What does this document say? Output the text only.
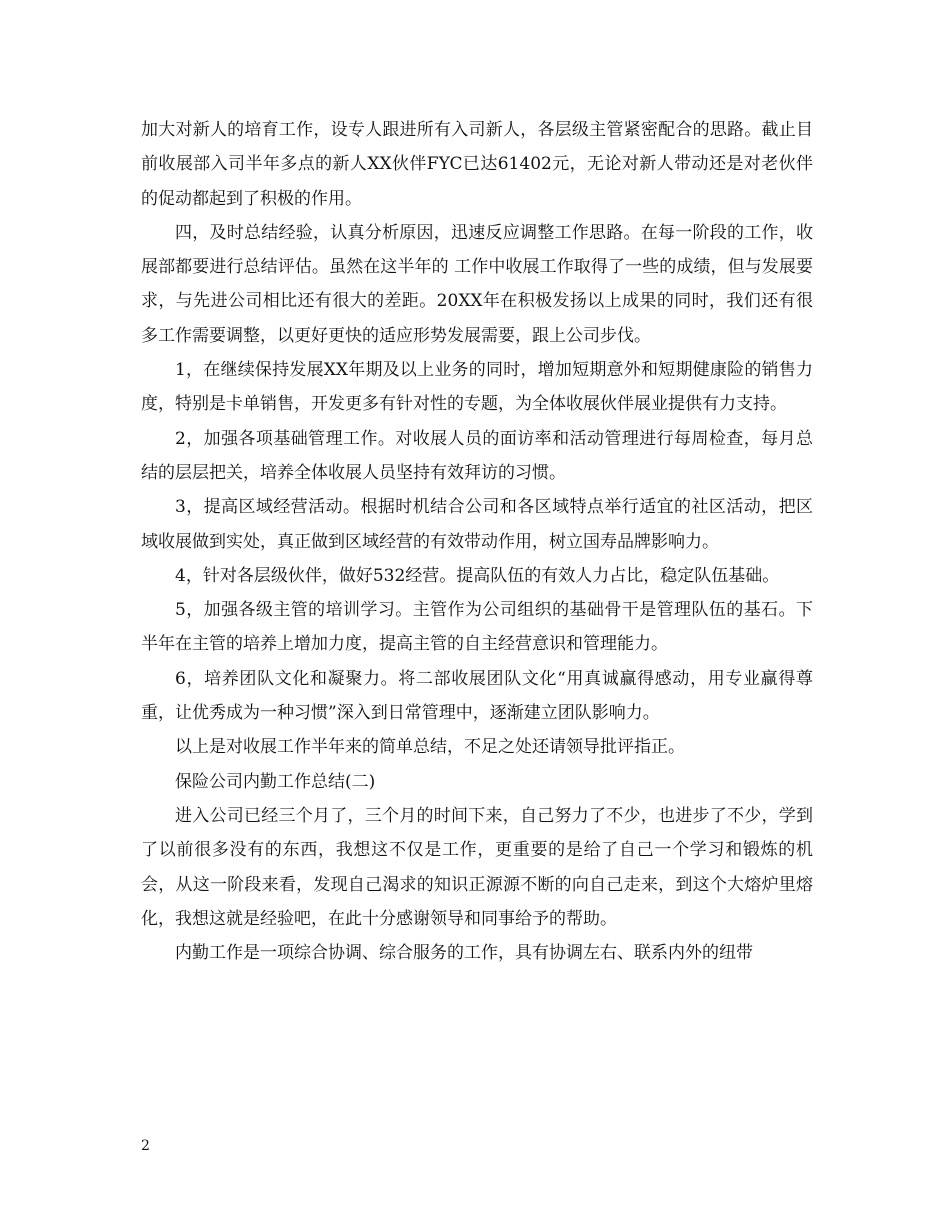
加大对新人的培育工作，设专人跟进所有入司新人，各层级主管紧密配合的思路。截止目前收展部入司半年多点的新人XX伙伴FYC已达61402元，无论对新人带动还是对老伙伴的促动都起到了积极的作用。

四，及时总结经验，认真分析原因，迅速反应调整工作思路。在每一阶段的工作，收展部都要进行总结评估。虽然在这半年的 工作中收展工作取得了一些的成绩，但与发展要求，与先进公司相比还有很大的差距。20XX年在积极发扬以上成果的同时，我们还有很多工作需要调整，以更好更快的适应形势发展需要，跟上公司步伐。

1，在继续保持发展XX年期及以上业务的同时，增加短期意外和短期健康险的销售力度，特别是卡单销售，开发更多有针对性的专题，为全体收展伙伴展业提供有力支持。

2，加强各项基础管理工作。对收展人员的面访率和活动管理进行每周检查，每月总结的层层把关，培养全体收展人员坚持有效拜访的习惯。

3，提高区域经营活动。根据时机结合公司和各区域特点举行适宜的社区活动，把区域收展做到实处，真正做到区域经营的有效带动作用，树立国寿品牌影响力。

4，针对各层级伙伴，做好532经营。提高队伍的有效人力占比，稳定队伍基础。

5，加强各级主管的培训学习。主管作为公司组织的基础骨干是管理队伍的基石。下半年在主管的培养上增加力度，提高主管的自主经营意识和管理能力。

6，培养团队文化和凝聚力。将二部收展团队文化“用真诚赢得感动，用专业赢得尊重，让优秀成为一种习惯”深入到日常管理中，逐渐建立团队影响力。

以上是对收展工作半年来的简单总结，不足之处还请领导批评指正。

保险公司内勤工作总结(二)

进入公司已经三个月了，三个月的时间下来，自己努力了不少，也进步了不少，学到了以前很多没有的东西，我想这不仅是工作，更重要的是给了自己一个学习和锻炼的机会，从这一阶段来看，发现自己渴求的知识正源源不断的向自己走来，到这个大熔炉里熔化，我想这就是经验吧，在此十分感谢领导和同事给予的帮助。

内勤工作是一项综合协调、综合服务的工作，具有协调左右、联系内外的纽带

2
